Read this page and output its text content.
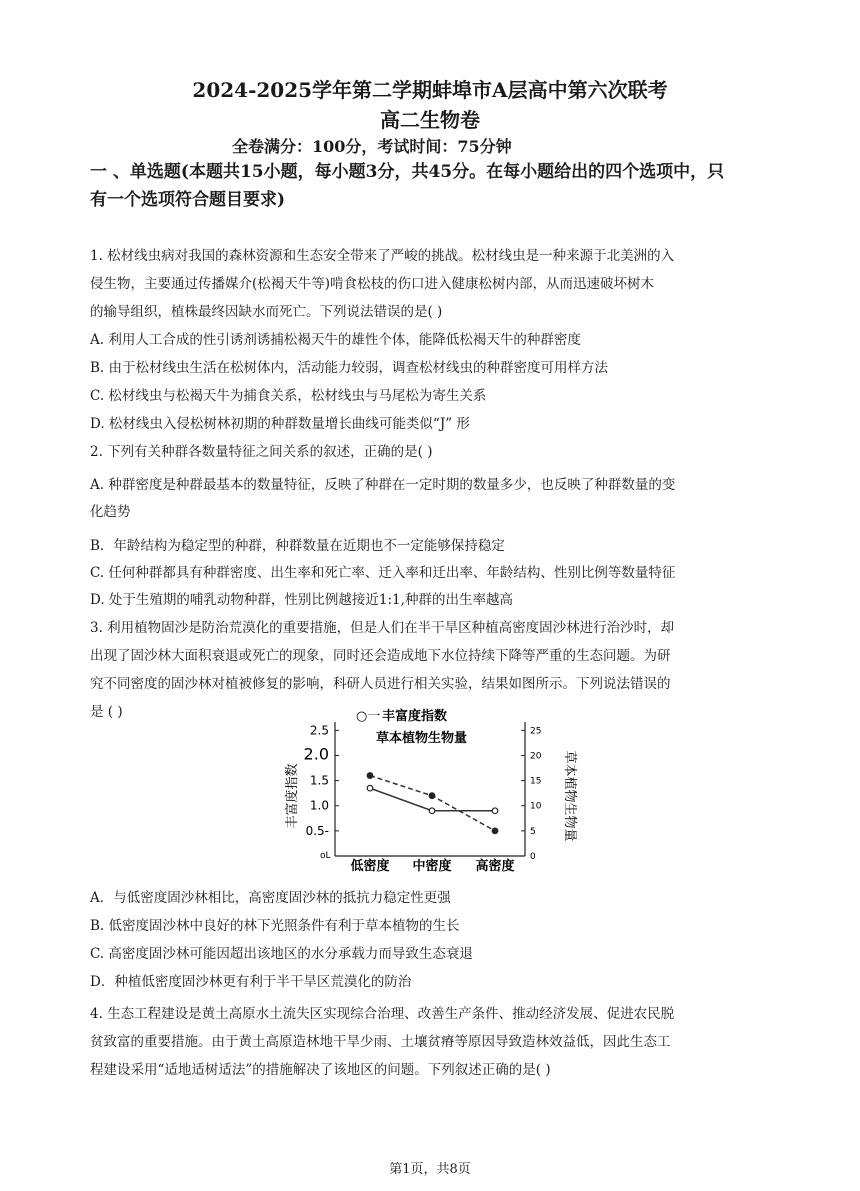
2024-2025学年第二学期蚌埠市A层高中第六次联考
高二生物卷
全卷满分：100分，考试时间：75分钟
一 、单选题(本题共15小题，每小题3分，共45分。在每小题给出的四个选项中，只
有一个选项符合题目要求)
1. 松材线虫病对我国的森林资源和生态安全带来了严峻的挑战。松材线虫是一种来源于北美洲的入
侵生物，主要通过传播媒介(松褐天牛等)啃食松枝的伤口进入健康松树内部，从而迅速破坏树木
的输导组织，植株最终因缺水而死亡。下列说法错误的是( )
A. 利用人工合成的性引诱剂诱捕松褐天牛的雄性个体，能降低松褐天牛的种群密度
B. 由于松材线虫生活在松树体内，活动能力较弱，调查松材线虫的种群密度可用样方法
C. 松材线虫与松褐天牛为捕食关系，松材线虫与马尾松为寄生关系
D. 松材线虫入侵松树林初期的种群数量增长曲线可能类似“J” 形
2. 下列有关种群各数量特征之间关系的叙述，正确的是( )
A. 种群密度是种群最基本的数量特征，反映了种群在一定时期的数量多少，也反映了种群数量的变
化趋势
B．年龄结构为稳定型的种群，种群数量在近期也不一定能够保持稳定
C. 任何种群都具有种群密度、出生率和死亡率、迁入率和迁出率、年龄结构、性别比例等数量特征
D. 处于生殖期的哺乳动物种群，性别比例越接近1:1,种群的出生率越高
3. 利用植物固沙是防治荒漠化的重要措施，但是人们在半干旱区种植高密度固沙林进行治沙时，却
出现了固沙林大面积衰退或死亡的现象，同时还会造成地下水位持续下降等严重的生态问题。为研
究不同密度的固沙林对植被修复的影响，科研人员进行相关实验，结果如图所示。下列说法错误的
是 ( )	○一 丰富度指数
草本植物生物量
丰富度指数	草本植物生物量
oL
2.5
2.0
1.5
1.0
0.5-
25
20
15
10
5
0
低密度 中密度 高密度
A．与低密度固沙林相比，高密度固沙林的抵抗力稳定性更强
B. 低密度固沙林中良好的林下光照条件有利于草本植物的生长
C. 高密度固沙林可能因超出该地区的水分承载力而导致生态衰退
D．种植低密度固沙林更有利于半干旱区荒漠化的防治
4. 生态工程建设是黄土高原水土流失区实现综合治理、改善生产条件、推动经济发展、促进农民脱
贫致富的重要措施。由于黄土高原造林地干旱少雨、土壤贫瘠等原因导致造林效益低，因此生态工
程建设采用“适地适树适法”的措施解决了该地区的问题。下列叙述正确的是( )
第1页，共8页
